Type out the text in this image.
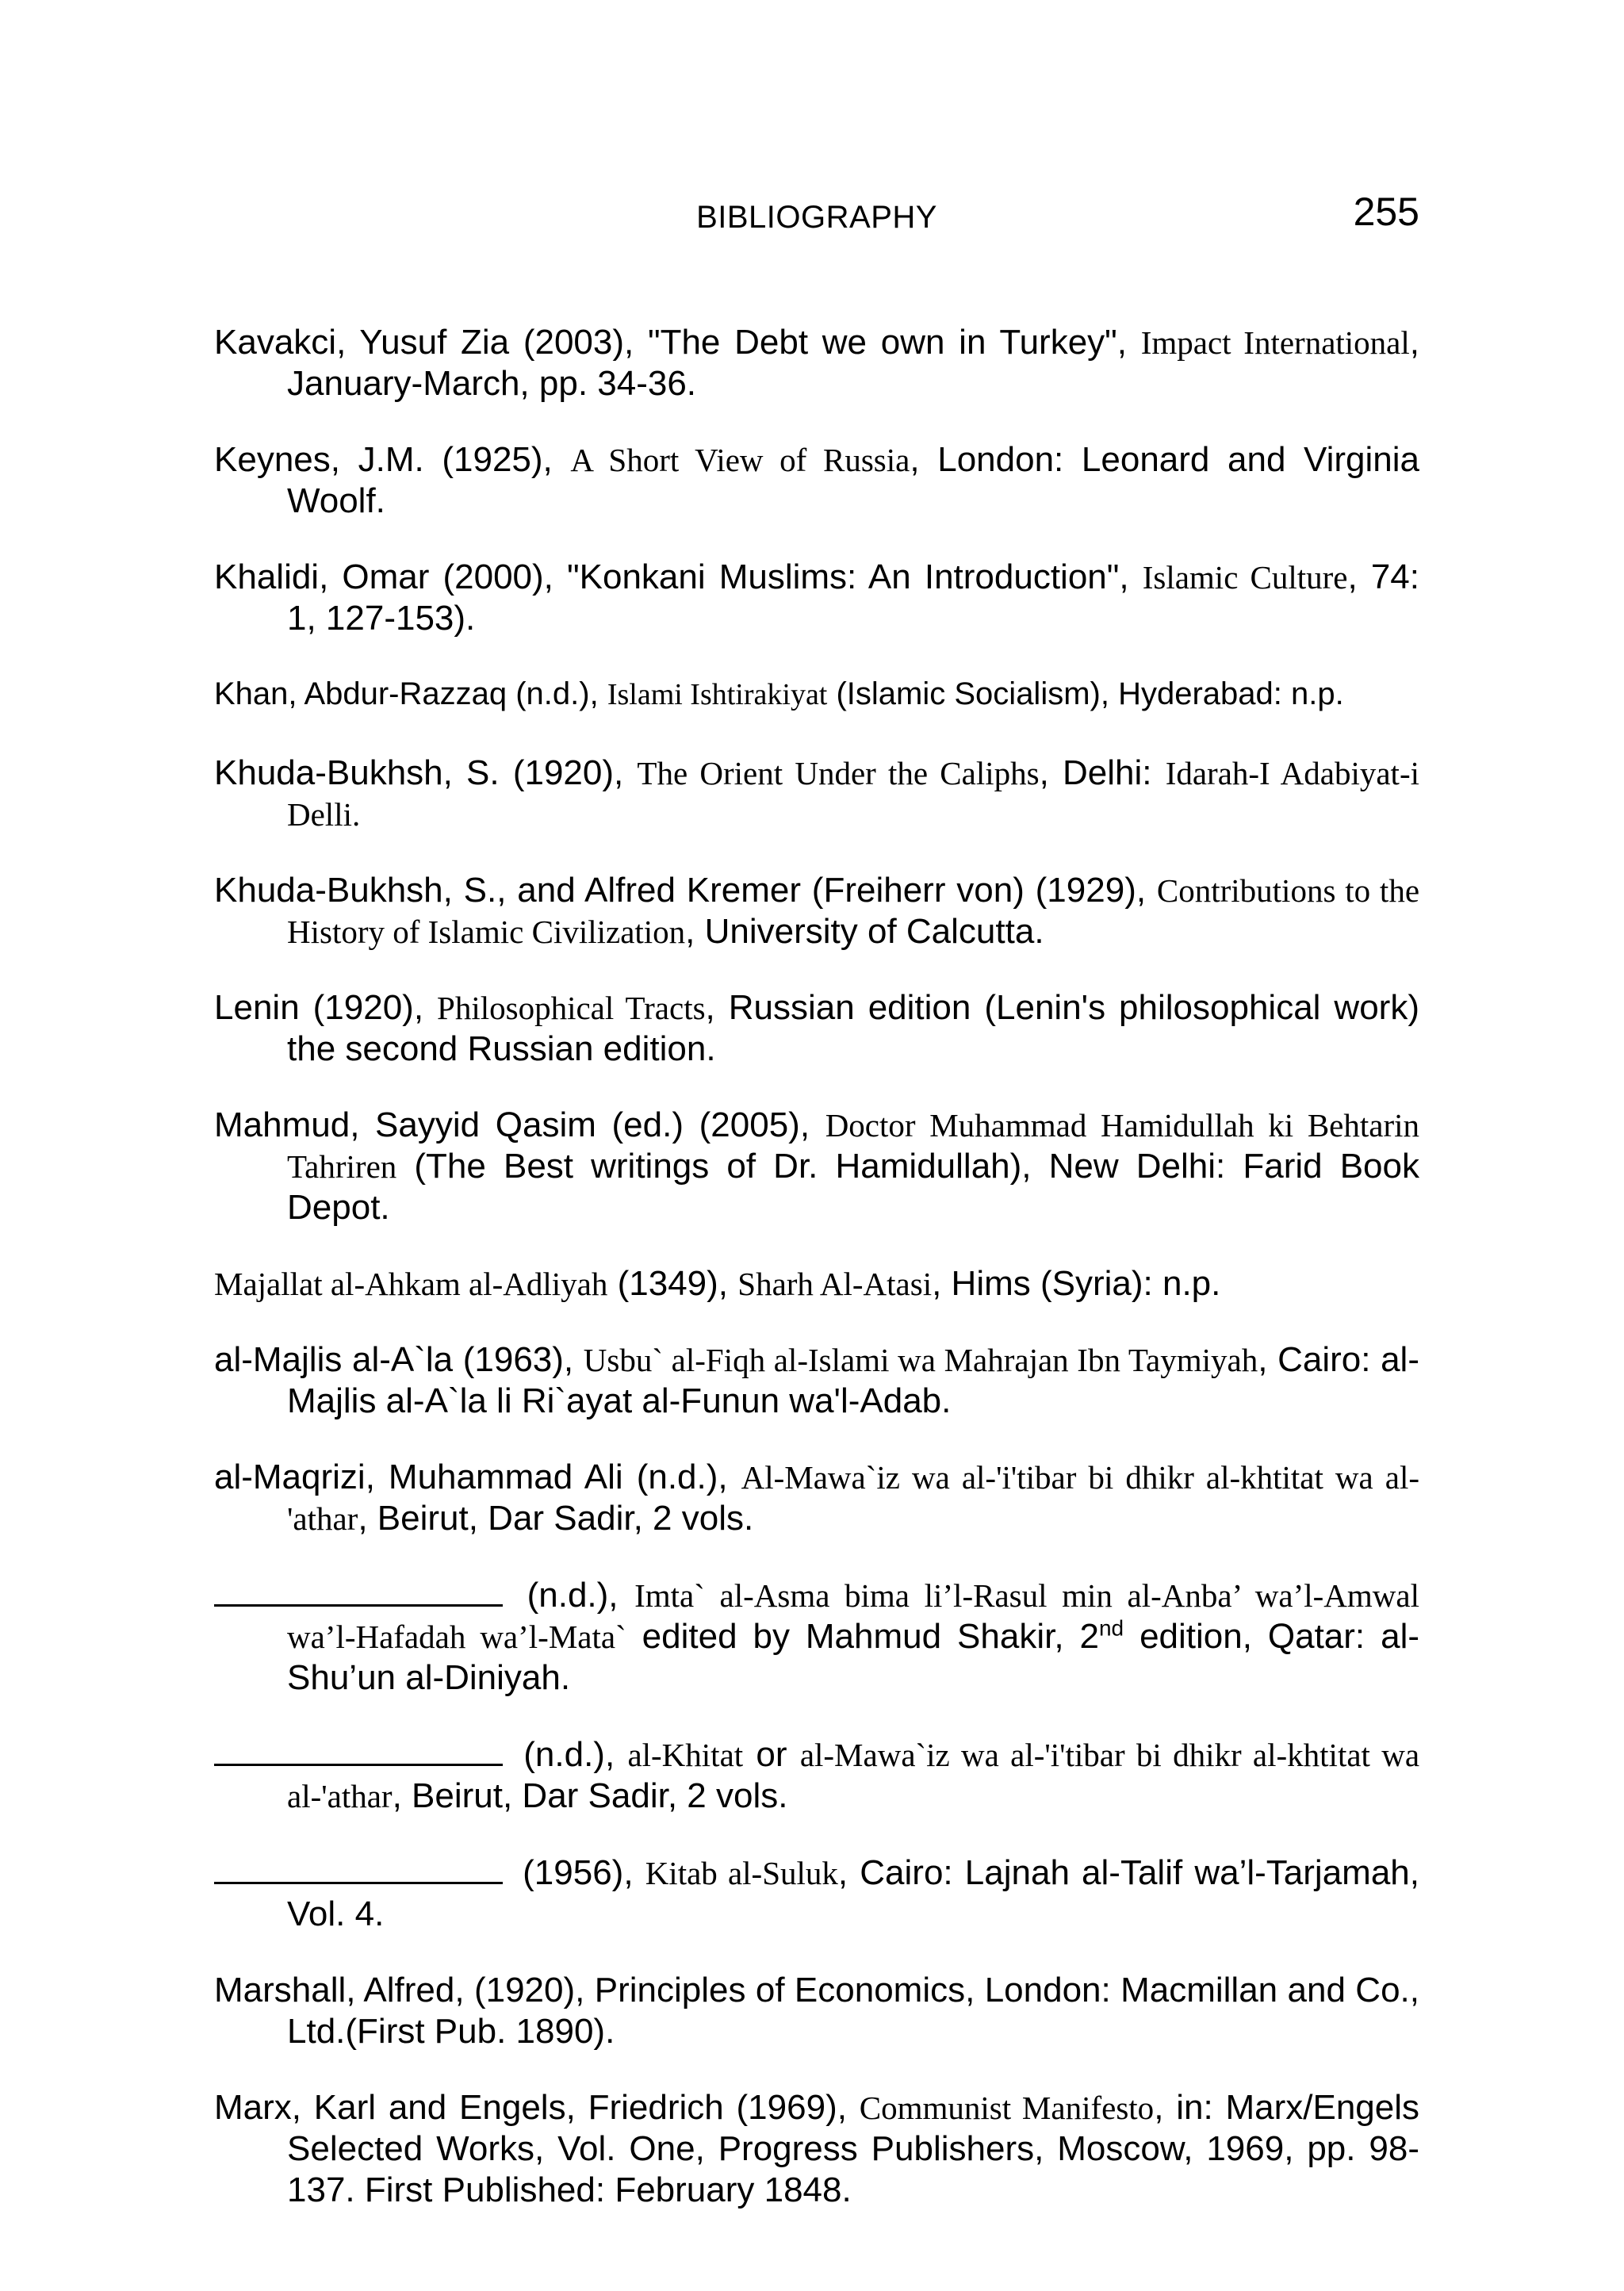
BIBLIOGRAPHY	255

Kavakci, Yusuf Zia (2003), "The Debt we own in Turkey", Impact International, January-March, pp. 34-36.

Keynes, J.M. (1925), A Short View of Russia, London: Leonard and Virginia Woolf.

Khalidi, Omar (2000), "Konkani Muslims: An Introduction", Islamic Culture, 74: 1, 127-153).

Khan, Abdur-Razzaq (n.d.), Islami Ishtirakiyat (Islamic Socialism), Hyderabad: n.p.

Khuda-Bukhsh, S. (1920), The Orient Under the Caliphs, Delhi: Idarah-I Adabiyat-i Delli.

Khuda-Bukhsh, S., and Alfred Kremer (Freiherr von) (1929), Contributions to the History of Islamic Civilization, University of Calcutta.

Lenin (1920), Philosophical Tracts, Russian edition (Lenin's philosophical work) the second Russian edition.

Mahmud, Sayyid Qasim (ed.) (2005), Doctor Muhammad Hamidullah ki Behtarin Tahriren (The Best writings of Dr. Hamidullah), New Delhi: Farid Book Depot.

Majallat al-Ahkam al-Adliyah (1349), Sharh Al-Atasi, Hims (Syria): n.p.

al-Majlis al-A`la (1963), Usbu` al-Fiqh al-Islami wa Mahrajan Ibn Taymiyah, Cairo: al- Majlis al-A`la li Ri`ayat al-Funun wa'l-Adab.

al-Maqrizi, Muhammad Ali (n.d.), Al-Mawa`iz wa al-'i'tibar bi dhikr al-khtitat wa al-'athar, Beirut, Dar Sadir, 2 vols.

(n.d.), Imta` al-Asma bima li’l-Rasul min al-Anba’ wa’l-Amwal wa’l-Hafadah wa’l-Mata` edited by Mahmud Shakir, 2nd edition, Qatar: al-Shu’un al-Diniyah.

(n.d.), al-Khitat or al-Mawa`iz wa al-'i'tibar bi dhikr al-khtitat wa al-'athar, Beirut, Dar Sadir, 2 vols.

(1956), Kitab al-Suluk, Cairo: Lajnah al-Talif wa’l-Tarjamah, Vol. 4.

Marshall, Alfred, (1920), Principles of Economics, London: Macmillan and Co., Ltd.(First Pub. 1890).

Marx, Karl and Engels, Friedrich (1969), Communist Manifesto, in: Marx/Engels Selected Works, Vol. One, Progress Publishers, Moscow, 1969, pp. 98-137. First Published: February 1848.
